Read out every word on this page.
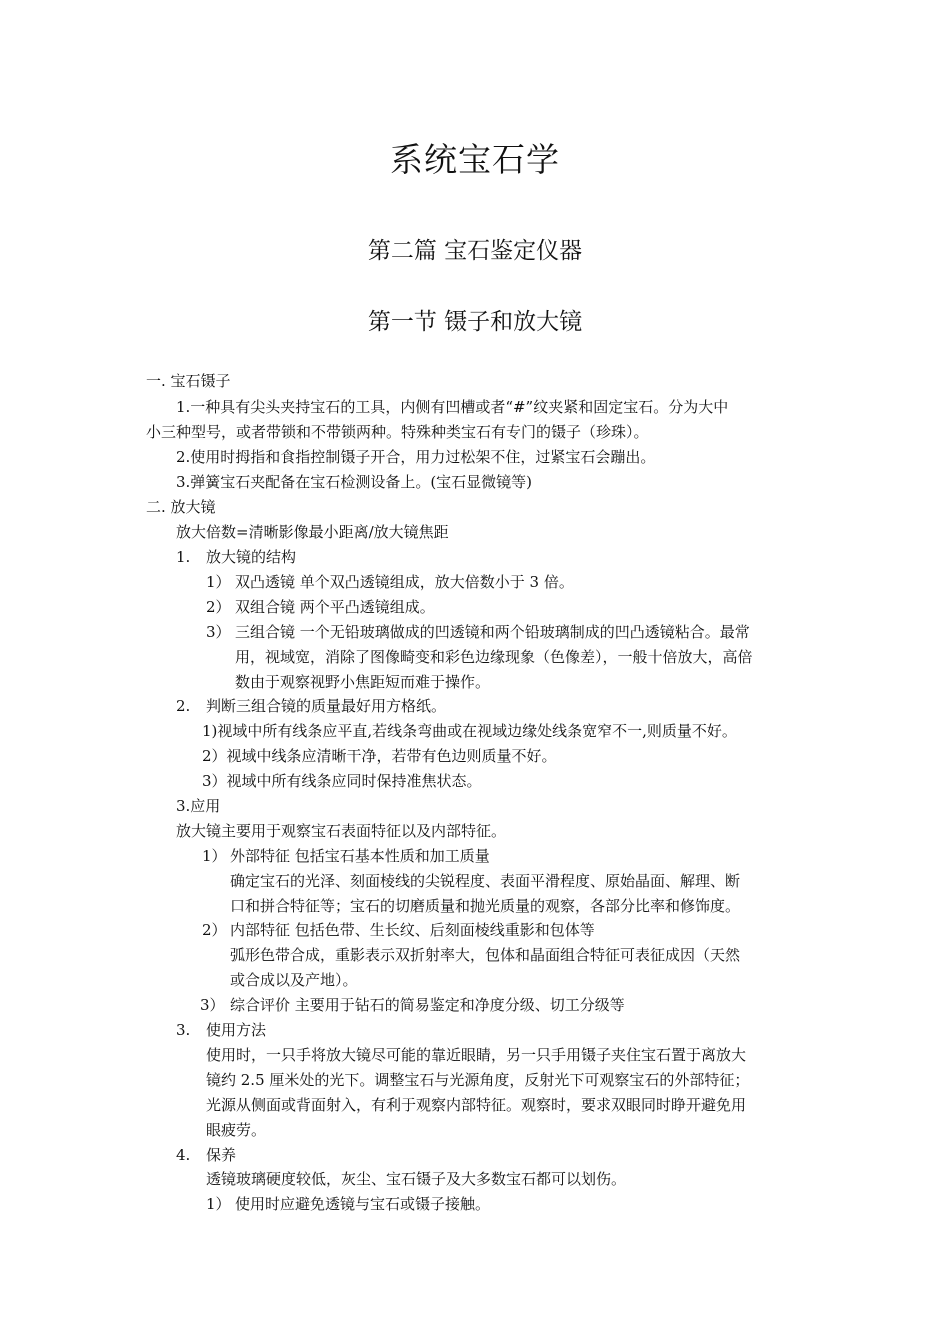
系统宝石学
第二篇 宝石鉴定仪器
第一节 镊子和放大镜
一. 宝石镊子
1.一种具有尖头夹持宝石的工具，内侧有凹槽或者“#”纹夹紧和固定宝石。分为大中
小三种型号，或者带锁和不带锁两种。特殊种类宝石有专门的镊子（珍珠）。
2.使用时拇指和食指控制镊子开合，用力过松架不住，过紧宝石会蹦出。
3.弹簧宝石夹配备在宝石检测设备上。(宝石显微镜等)
二. 放大镜
放大倍数=清晰影像最小距离/放大镜焦距
1. 放大镜的结构
1） 双凸透镜 单个双凸透镜组成，放大倍数小于 3 倍。
2） 双组合镜 两个平凸透镜组成。
3） 三组合镜 一个无铅玻璃做成的凹透镜和两个铅玻璃制成的凹凸透镜粘合。最常
用，视域宽，消除了图像畸变和彩色边缘现象（色像差），一般十倍放大，高倍
数由于观察视野小焦距短而难于操作。
2. 判断三组合镜的质量最好用方格纸。
1)视域中所有线条应平直,若线条弯曲或在视域边缘处线条宽窄不一,则质量不好。
2）视域中线条应清晰干净，若带有色边则质量不好。
3）视域中所有线条应同时保持准焦状态。
3.应用
放大镜主要用于观察宝石表面特征以及内部特征。
1） 外部特征 包括宝石基本性质和加工质量
确定宝石的光泽、刻面棱线的尖锐程度、表面平滑程度、原始晶面、解理、断
口和拼合特征等；宝石的切磨质量和抛光质量的观察，各部分比率和修饰度。
2） 内部特征 包括色带、生长纹、后刻面棱线重影和包体等
弧形色带合成，重影表示双折射率大，包体和晶面组合特征可表征成因（天然
或合成以及产地）。
3） 综合评价 主要用于钻石的简易鉴定和净度分级、切工分级等
3. 使用方法
使用时，一只手将放大镜尽可能的靠近眼睛，另一只手用镊子夹住宝石置于离放大
镜约 2.5 厘米处的光下。调整宝石与光源角度，反射光下可观察宝石的外部特征；
光源从侧面或背面射入，有利于观察内部特征。观察时，要求双眼同时睁开避免用
眼疲劳。
4. 保养
透镜玻璃硬度较低，灰尘、宝石镊子及大多数宝石都可以划伤。
1） 使用时应避免透镜与宝石或镊子接触。
